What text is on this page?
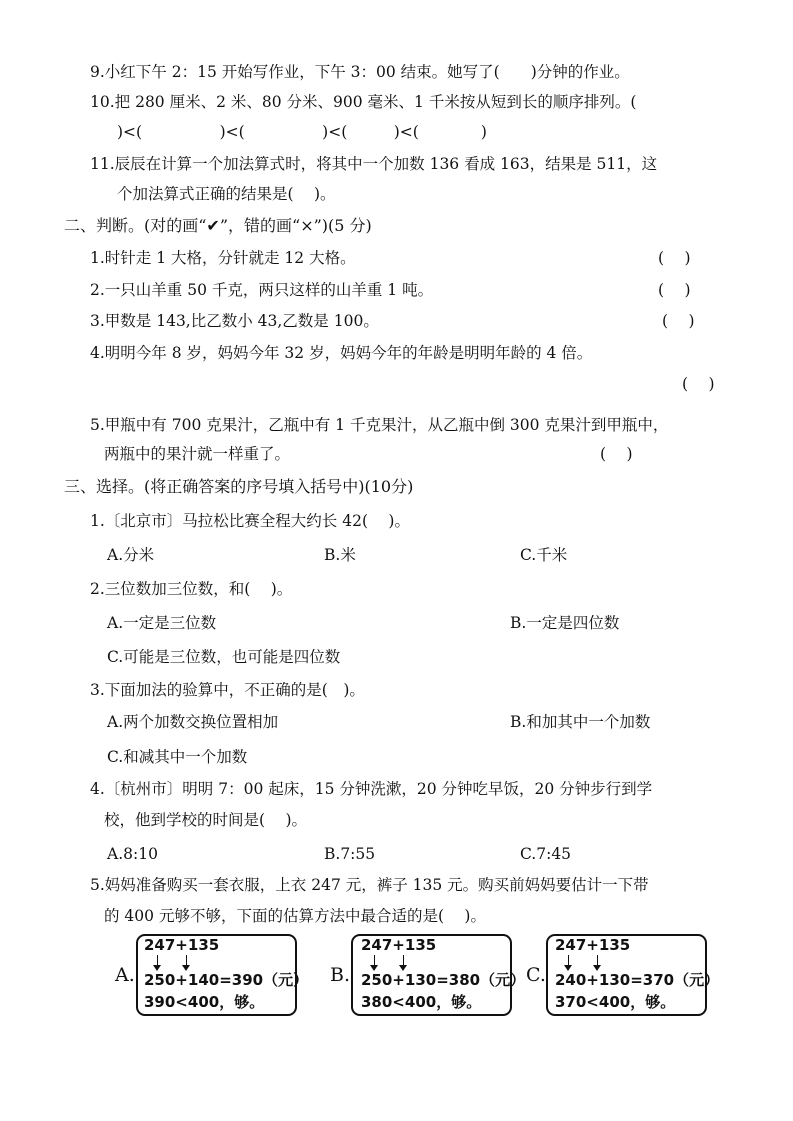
9.小红下午 2：15 开始写作业，下午 3：00 结束。她写了(　　)分钟的作业。
10.把 280 厘米、2 米、80 分米、900 毫米、1 千米按从短到长的顺序排列。(
)<(　　　　　)<(　　　　　)<(　　　)<(　　　　)
11.辰辰在计算一个加法算式时，将其中一个加数 136 看成 163，结果是 511，这
个加法算式正确的结果是(　 )。
二、判断。(对的画“✔”，错的画“×”)(5 分)
1.时针走 1 大格，分针就走 12 大格。	(　 )
2.一只山羊重 50 千克，两只这样的山羊重 1 吨。	(　 )
3.甲数是 143,比乙数小 43,乙数是 100。	(　 )
4.明明今年 8 岁，妈妈今年 32 岁，妈妈今年的年龄是明明年龄的 4 倍。
(　 )
5.甲瓶中有 700 克果汁，乙瓶中有 1 千克果汁，从乙瓶中倒 300 克果汁到甲瓶中，
两瓶中的果汁就一样重了。	(　 )
三、选择。(将正确答案的序号填入括号中)(10分)
1.〔北京市〕马拉松比赛全程大约长 42(　 )。
A.分米	B.米	C.千米
2.三位数加三位数，和(　 )。
A.一定是三位数	B.一定是四位数
C.可能是三位数，也可能是四位数
3.下面加法的验算中，不正确的是(　)。
A.两个加数交换位置相加	B.和加其中一个加数
C.和减其中一个加数
4.〔杭州市〕明明 7：00 起床，15 分钟洗漱，20 分钟吃早饭，20 分钟步行到学
校，他到学校的时间是(　 )。
A.8:10	B.7:55	C.7:45
5.妈妈准备购买一套衣服，上衣 247 元，裤子 135 元。购买前妈妈要估计一下带
的 400 元够不够，下面的估算方法中最合适的是(　 )。
A.
247+135
250+140=390（元）
390<400，够。
B.
247+135
250+130=380（元）
380<400，够。
C.
247+135
240+130=370（元）
370<400，够。
